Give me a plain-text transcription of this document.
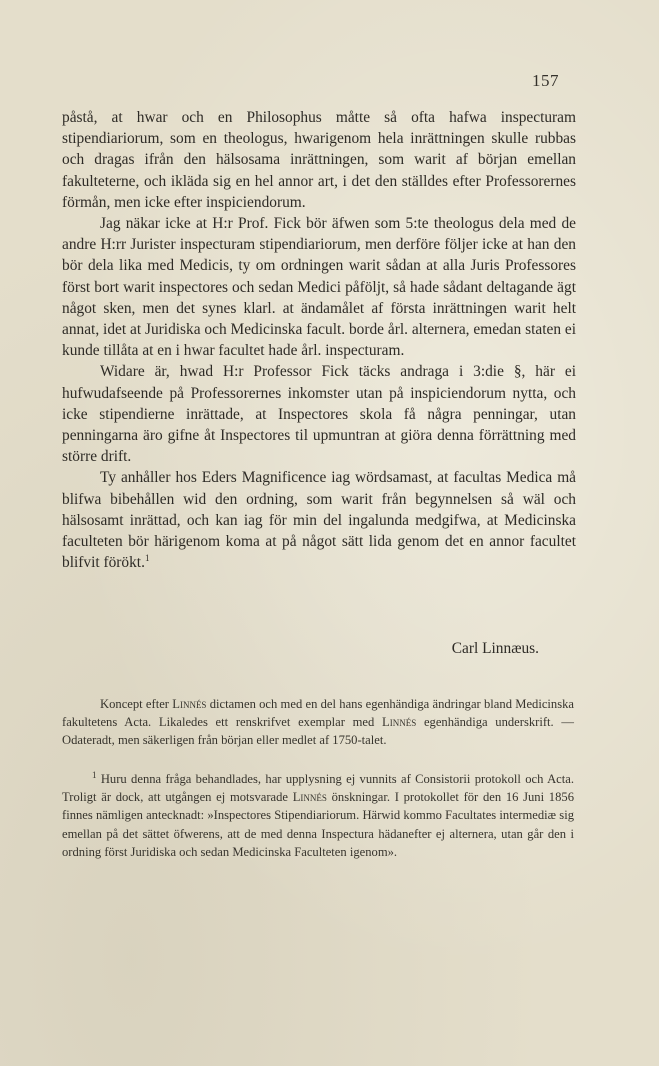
157

påstå, at hwar och en Philosophus måtte så ofta hafwa inspecturam stipendiariorum, som en theologus, hwarigenom hela inrättningen skulle rubbas och dragas ifrån den hälsosama inrättningen, som warit af början emellan fakulteterne, och ikläda sig en hel annor art, i det den ställdes efter Professorernes förmån, men icke efter inspiciendorum.

Jag näkar icke at H:r Prof. Fick bör äfwen som 5:te theologus dela med de andre H:rr Jurister inspecturam stipendiariorum, men derföre följer icke at han den bör dela lika med Medicis, ty om ordningen warit sådan at alla Juris Professores först bort warit inspectores och sedan Medici påföljt, så hade sådant deltagande ägt något sken, men det synes klarl. at ändamålet af första inrättningen warit helt annat, idet at Juridiska och Medicinska facult. borde årl. alternera, emedan staten ei kunde tillåta at en i hwar facultet hade årl. inspecturam.

Widare är, hwad H:r Professor Fick täcks andraga i 3:die §, här ei hufwudafseende på Professorernes inkomster utan på inspiciendorum nytta, och icke stipendierne inrättade, at Inspectores skola få några penningar, utan penningarna äro gifne åt Inspectores til upmuntran at giöra denna förrättning med större drift.

Ty anhåller hos Eders Magnificence iag wördsamast, at facultas Medica må blifwa bibehållen wid den ordning, som warit från begynnelsen så wäl och hälsosamt inrättad, och kan iag för min del ingalunda medgifwa, at Medicinska faculteten bör härigenom koma at på något sätt lida genom det en annor facultet blifvit förökt.$^1$

Carl Linnæus.

Koncept efter Linnés dictamen och med en del hans egenhändiga ändringar bland Medicinska fakultetens Acta. Likaledes ett renskrifvet exemplar med Linnés egenhändiga underskrift. — Odateradt, men säkerligen från början eller medlet af 1750-talet.

$^1$ Huru denna fråga behandlades, har upplysning ej vunnits af Consistorii protokoll och Acta. Troligt är dock, att utgången ej motsvarade Linnés önskningar. I protokollet för den 16 Juni 1856 finnes nämligen antecknadt: »Inspectores Stipendiariorum. Härwid kommo Facultates intermediæ sig emellan på det sättet öfwerens, att de med denna Inspectura hädanefter ej alternera, utan går den i ordning först Juridiska och sedan Medicinska Faculteten igenom».
